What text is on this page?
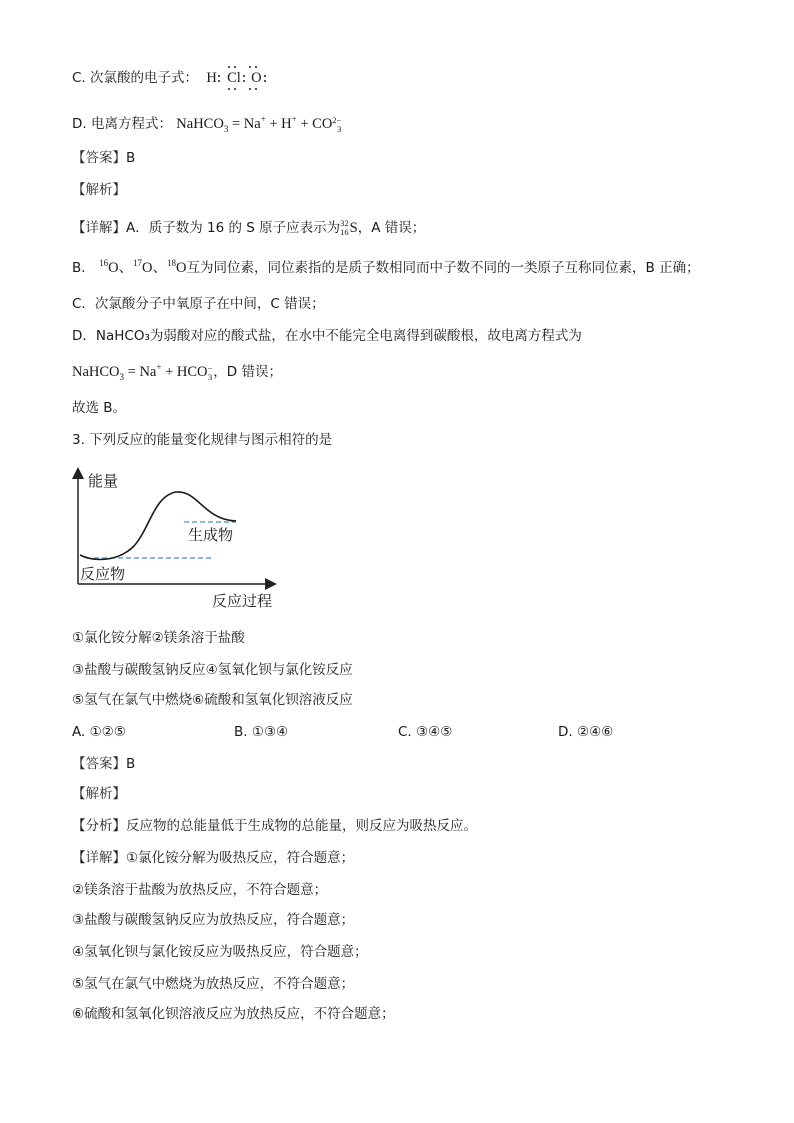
C. 次氯酸的电子式： H Cl O
D. 电离方程式： NaHCO$_3$ = Na+ + H+ + CO2−
3
【答案】B
【解析】
【详解】A．质子数为 16 的 S 原子应表示为32
16S，A 错误；
B． $^{16}$O、$^{17}$O、$^{18}$O互为同位素，同位素指的是质子数相同而中子数不同的一类原子互称同位素，B 正确；
C．次氯酸分子中氧原子在中间，C 错误；
D．NaHCO₃为弱酸对应的酸式盐，在水中不能完全电离得到碳酸根，故电离方程式为
NaHCO$_3$ = Na+ + HCO−
3，D 错误；
故选 B。
3. 下列反应的能量变化规律与图示相符的是
能量
生成物
反应物
反应过程
①氯化铵分解②镁条溶于盐酸
③盐酸与碳酸氢钠反应④氢氧化钡与氯化铵反应
⑤氢气在氯气中燃烧⑥硫酸和氢氧化钡溶液反应
A. ①②⑤	B. ①③④	C. ③④⑤	D. ②④⑥
【答案】B
【解析】
【分析】反应物的总能量低于生成物的总能量，则反应为吸热反应。
【详解】①氯化铵分解为吸热反应，符合题意；
②镁条溶于盐酸为放热反应，不符合题意；
③盐酸与碳酸氢钠反应为放热反应，符合题意；
④氢氧化钡与氯化铵反应为吸热反应，符合题意；
⑤氢气在氯气中燃烧为放热反应，不符合题意；
⑥硫酸和氢氧化钡溶液反应为放热反应，不符合题意；
